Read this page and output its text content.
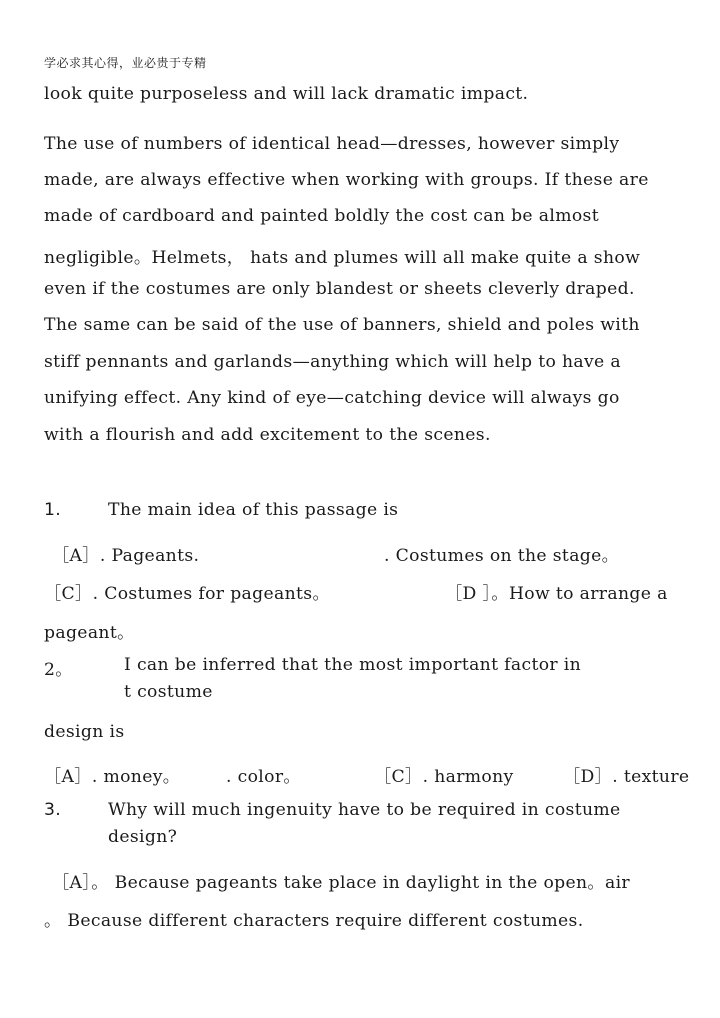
学必求其心得，业必贵于专精
look quite purposeless and will lack dramatic impact.
The use of numbers of identical head—dresses, however simply
made, are always effective when working with groups. If these are
made of cardboard and painted boldly the cost can be almost
negligible。Helmets， hats and plumes will all make quite a show
even if the costumes are only blandest or sheets cleverly draped.
The same can be said of the use of banners, shield and poles with
stiff pennants and garlands—anything which will help to have a
unifying effect. Any kind of eye—catching device will always go
with a flourish and add excitement to the scenes.
1.	The main idea of this passage is
［A］. Pageants.	. Costumes on the stage。
［C］. Costumes for pageants。	［D ］。How to arrange a
pageant。
2。	I can be inferred that the most important factor in
t costume
design is
［A］. money。	. color。	［C］. harmony	［D］. texture
3.	Why will much ingenuity have to be required in costume
design?
［A］。 Because pageants take place in daylight in the open。air
。 Because different characters require different costumes.
